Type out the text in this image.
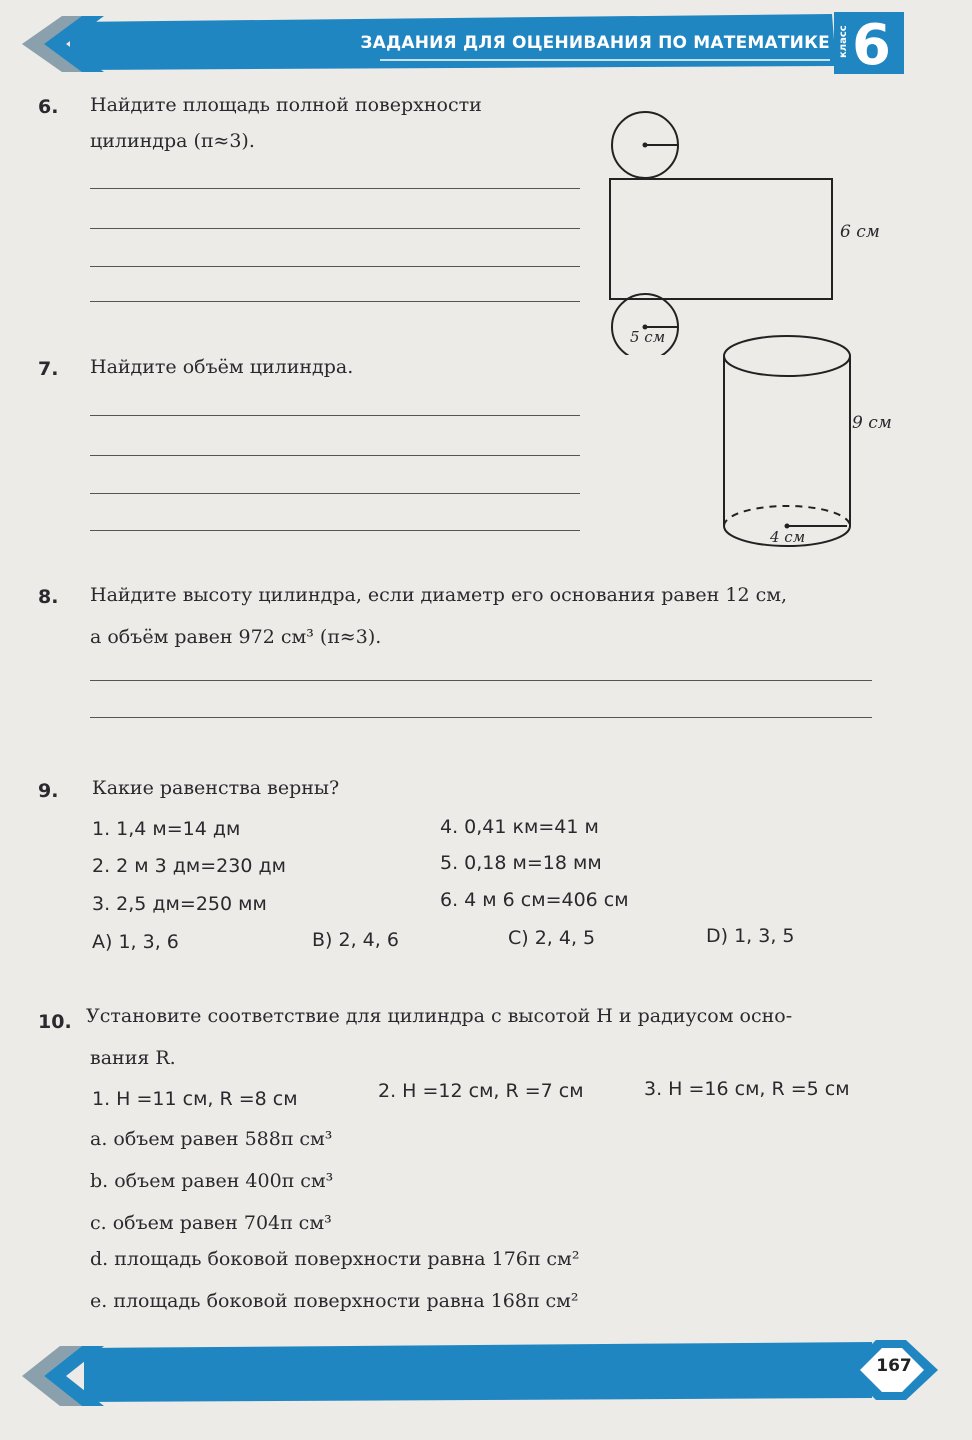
ЗАДАНИЯ ДЛЯ ОЦЕНИВАНИЯ ПО МАТЕМАТИКЕ класс 6
6. Найдите площадь полной поверхности
цилиндра (π≈3).
6 см
5 см
7. Найдите объём цилиндра.
9 см
4 см
8. Найдите высоту цилиндра, если диаметр его основания равен 12 см,
а объём равен 972 см³ (π≈3).
9. Какие равенства верны?
1. 1,4 м=14 дм	4. 0,41 км=41 м
2. 2 м 3 дм=230 дм	5. 0,18 м=18 мм
3. 2,5 дм=250 мм	6. 4 м 6 см=406 см
A) 1, 3, 6	B) 2, 4, 6	C) 2, 4, 5	D) 1, 3, 5
10. Установите соответствие для цилиндра с высотой H и радиусом осно-
вания R.
1. H =11 см, R =8 см	2. H =12 см, R =7 см	3. H =16 см, R =5 см
a. объем равен 588π см³
b. объем равен 400π см³
c. объем равен 704π см³
d. площадь боковой поверхности равна 176π см²
e. площадь боковой поверхности равна 168π см²
167
